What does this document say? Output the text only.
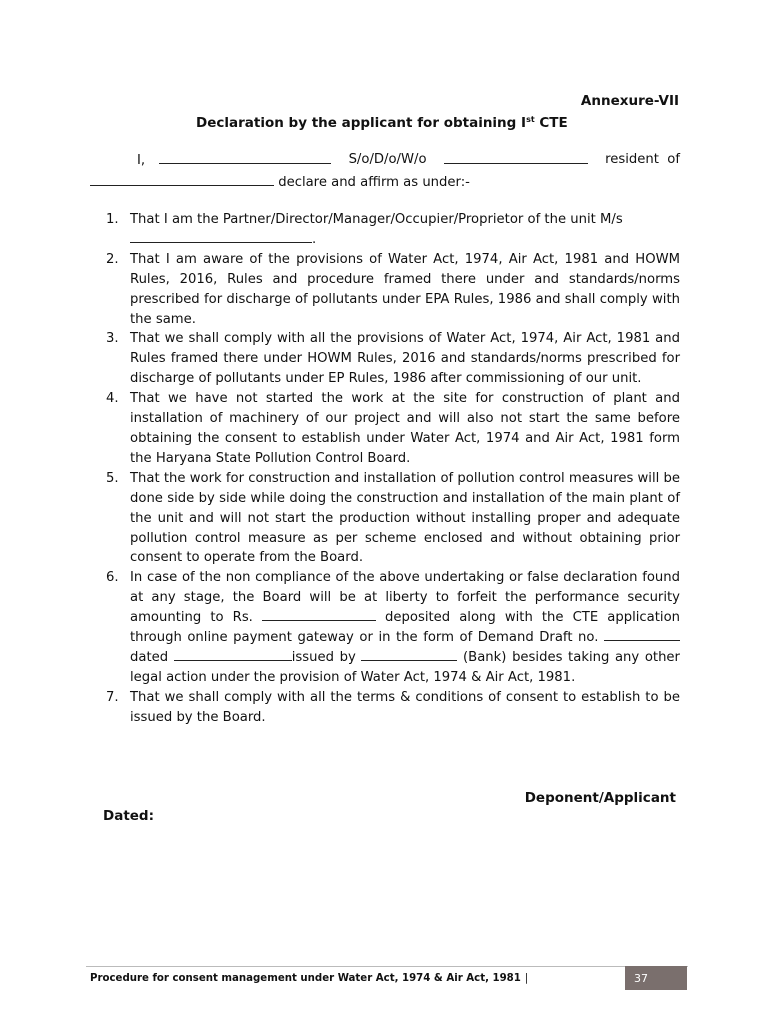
Annexure-VII
Declaration by the applicant for obtaining Ist CTE
I,	S/o/D/o/W/o	resident  of
declare and affirm as under:-
1. That I am the Partner/Director/Manager/Occupier/Proprietor of the unit M/s
.
2. That I am aware of the provisions of Water Act, 1974, Air Act, 1981 and HOWM Rules, 2016, Rules and procedure framed there under and standards/norms prescribed for discharge of pollutants under EPA Rules, 1986 and shall comply with the same.
3. That we shall comply with all the provisions of Water Act, 1974, Air Act, 1981 and Rules framed there under HOWM Rules, 2016 and standards/norms prescribed for discharge of pollutants under EP Rules, 1986 after commissioning of our unit.
4. That we have not started the work at the site for construction of plant and installation of machinery of our project and will also not start the same before obtaining the consent to establish under Water Act, 1974 and Air Act, 1981 form the Haryana State Pollution Control Board.
5. That the work for construction and installation of pollution control measures will be done side by side while doing the construction and installation of the main plant of the unit and will not start the production without installing proper and adequate pollution control measure as per scheme enclosed and without obtaining prior consent to operate from the Board.
6. In case of the non compliance of the above undertaking or false declaration found at any stage, the Board will be at liberty to forfeit the performance security amounting to Rs.	deposited along with the CTE application through online payment gateway or in the form of Demand Draft no.  dated	issued by	(Bank) besides taking any other legal action under the provision of Water Act, 1974 & Air Act, 1981.
7. That we shall comply with all the terms & conditions of consent to establish to be issued by the Board.
Deponent/Applicant
Dated:
Procedure for consent management under Water Act, 1974 & Air Act, 1981 |	37
